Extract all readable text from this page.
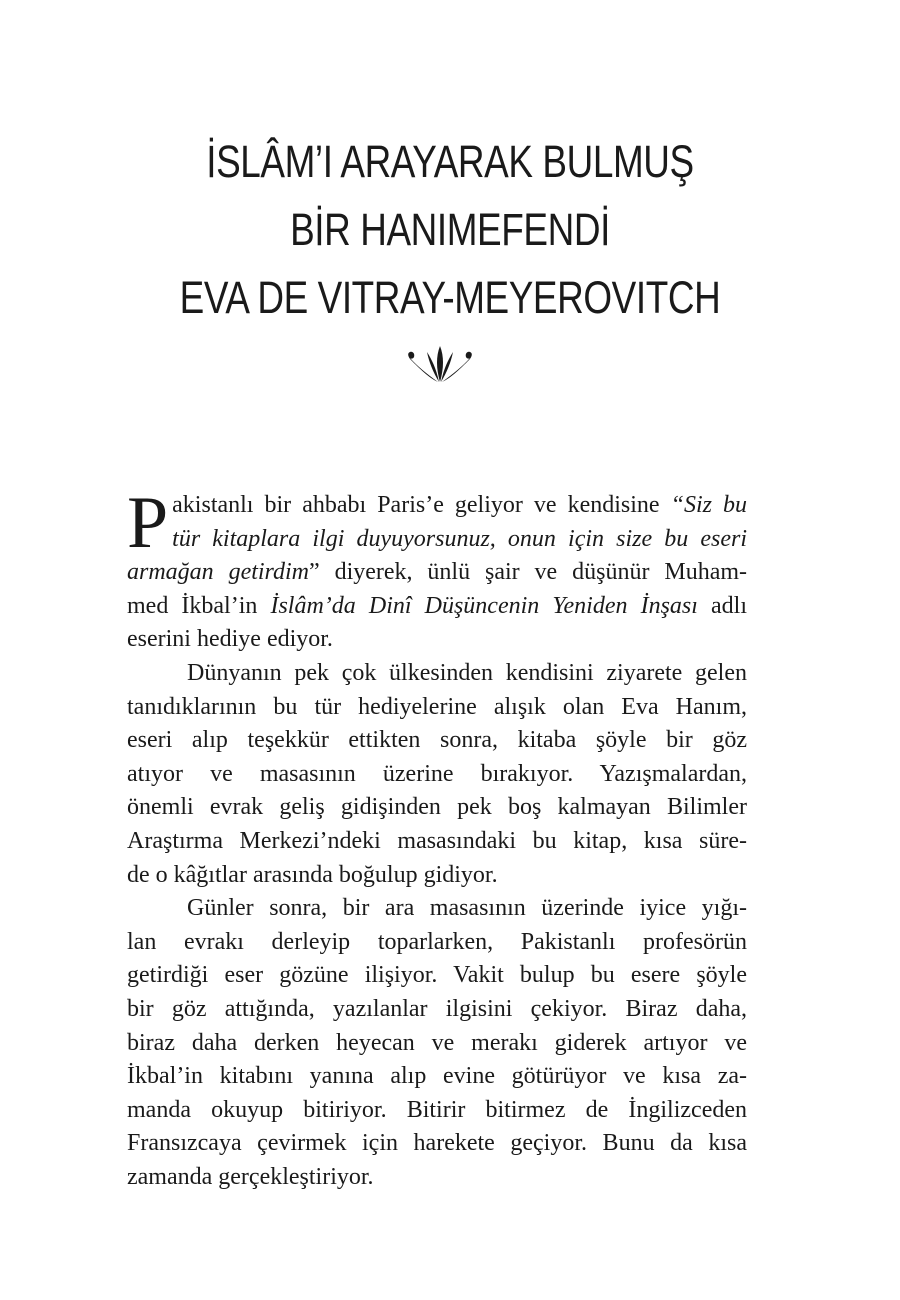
İSLÂM’I ARAYARAK BULMUŞ
BİR HANIMEFENDİ
EVA DE VITRAY-MEYEROVITCH

P akistanlı bir ahbabı Paris’e geliyor ve kendisine “Siz bu
tür kitaplara ilgi duyuyorsunuz, onun için size bu eseri
armağan getirdim” diyerek, ünlü şair ve düşünür Muham-
med İkbal’in İslâm’da Dinî Düşüncenin Yeniden İnşası adlı
eserini hediye ediyor.

Dünyanın pek çok ülkesinden kendisini ziyarete gelen
tanıdıklarının bu tür hediyelerine alışık olan Eva Hanım,
eseri alıp teşekkür ettikten sonra, kitaba şöyle bir göz
atıyor ve masasının üzerine bırakıyor. Yazışmalardan,
önemli evrak geliş gidişinden pek boş kalmayan Bilimler
Araştırma Merkezi’ndeki masasındaki bu kitap, kısa süre-
de o kâğıtlar arasında boğulup gidiyor.

Günler sonra, bir ara masasının üzerinde iyice yığı-
lan evrakı derleyip toparlarken, Pakistanlı profesörün
getirdiği eser gözüne ilişiyor. Vakit bulup bu esere şöyle
bir göz attığında, yazılanlar ilgisini çekiyor. Biraz daha,
biraz daha derken heyecan ve merakı giderek artıyor ve
İkbal’in kitabını yanına alıp evine götürüyor ve kısa za-
manda okuyup bitiriyor. Bitirir bitirmez de İngilizceden
Fransızcaya çevirmek için harekete geçiyor. Bunu da kısa
zamanda gerçekleştiriyor.
